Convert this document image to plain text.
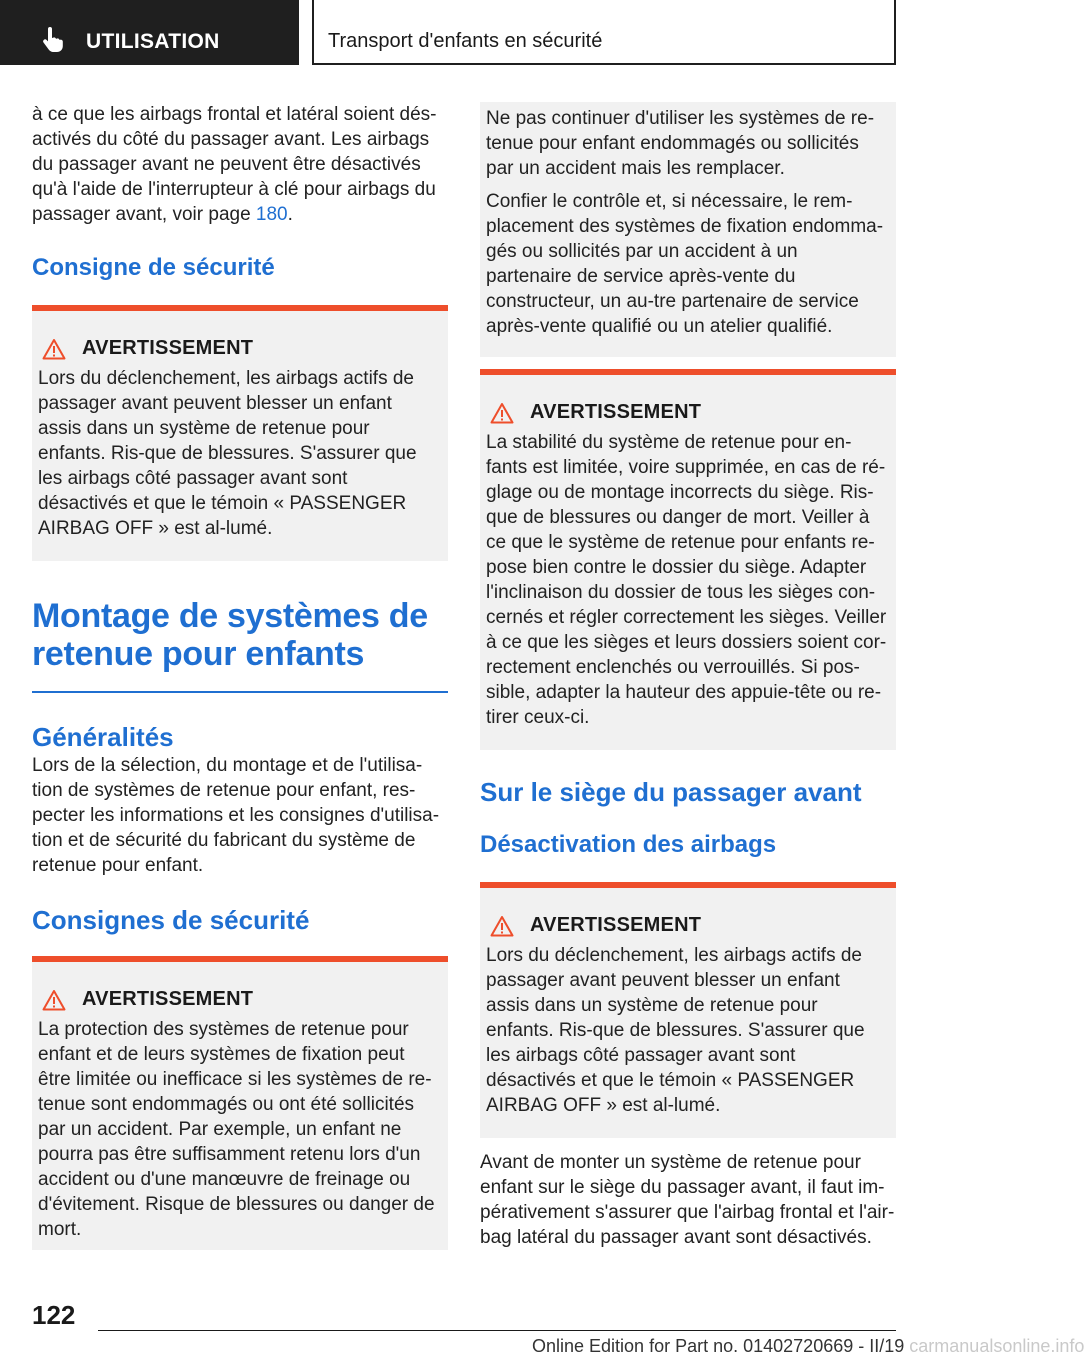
UTILISATION	Transport d'enfants en sécurité

à ce que les airbags frontal et latéral soient dés-activés du côté du passager avant. Les airbags du passager avant ne peuvent être désactivés qu'à l'aide de l'interrupteur à clé pour airbags du passager avant, voir page 180.

Consigne de sécurité
AVERTISSEMENT

Lors du déclenchement, les airbags actifs de passager avant peuvent blesser un enfant assis dans un système de retenue pour enfants. Ris-que de blessures. S'assurer que les airbags côté passager avant sont désactivés et que le témoin « PASSENGER AIRBAG OFF » est al-lumé.

Montage de systèmes de retenue pour enfants
Généralités

Lors de la sélection, du montage et de l'utilisa-tion de systèmes de retenue pour enfant, res-pecter les informations et les consignes d'utilisa-tion et de sécurité du fabricant du système de retenue pour enfant.

Consignes de sécurité
AVERTISSEMENT

La protection des systèmes de retenue pour enfant et de leurs systèmes de fixation peut être limitée ou inefficace si les systèmes de re-tenue sont endommagés ou ont été sollicités par un accident. Par exemple, un enfant ne pourra pas être suffisamment retenu lors d'un accident ou d'une manœuvre de freinage ou d'évitement. Risque de blessures ou danger de mort.

Ne pas continuer d'utiliser les systèmes de re-tenue pour enfant endommagés ou sollicités par un accident mais les remplacer.

Confier le contrôle et, si nécessaire, le rem-placement des systèmes de fixation endomma-gés ou sollicités par un accident à un partenaire de service après-vente du constructeur, un au-tre partenaire de service après-vente qualifié ou un atelier qualifié.

AVERTISSEMENT

La stabilité du système de retenue pour en-fants est limitée, voire supprimée, en cas de ré-glage ou de montage incorrects du siège. Ris-que de blessures ou danger de mort. Veiller à ce que le système de retenue pour enfants re-pose bien contre le dossier du siège. Adapter l'inclinaison du dossier de tous les sièges con-cernés et régler correctement les sièges. Veiller à ce que les sièges et leurs dossiers soient cor-rectement enclenchés ou verrouillés. Si pos-sible, adapter la hauteur des appuie-tête ou re-tirer ceux-ci.

Sur le siège du passager avant
Désactivation des airbags
AVERTISSEMENT

Lors du déclenchement, les airbags actifs de passager avant peuvent blesser un enfant assis dans un système de retenue pour enfants. Ris-que de blessures. S'assurer que les airbags côté passager avant sont désactivés et que le témoin « PASSENGER AIRBAG OFF » est al-lumé.

Avant de monter un système de retenue pour enfant sur le siège du passager avant, il faut im-pérativement s'assurer que l'airbag frontal et l'air-bag latéral du passager avant sont désactivés.

122
Online Edition for Part no. 01402720669 - II/19 carmanualsonline.info
